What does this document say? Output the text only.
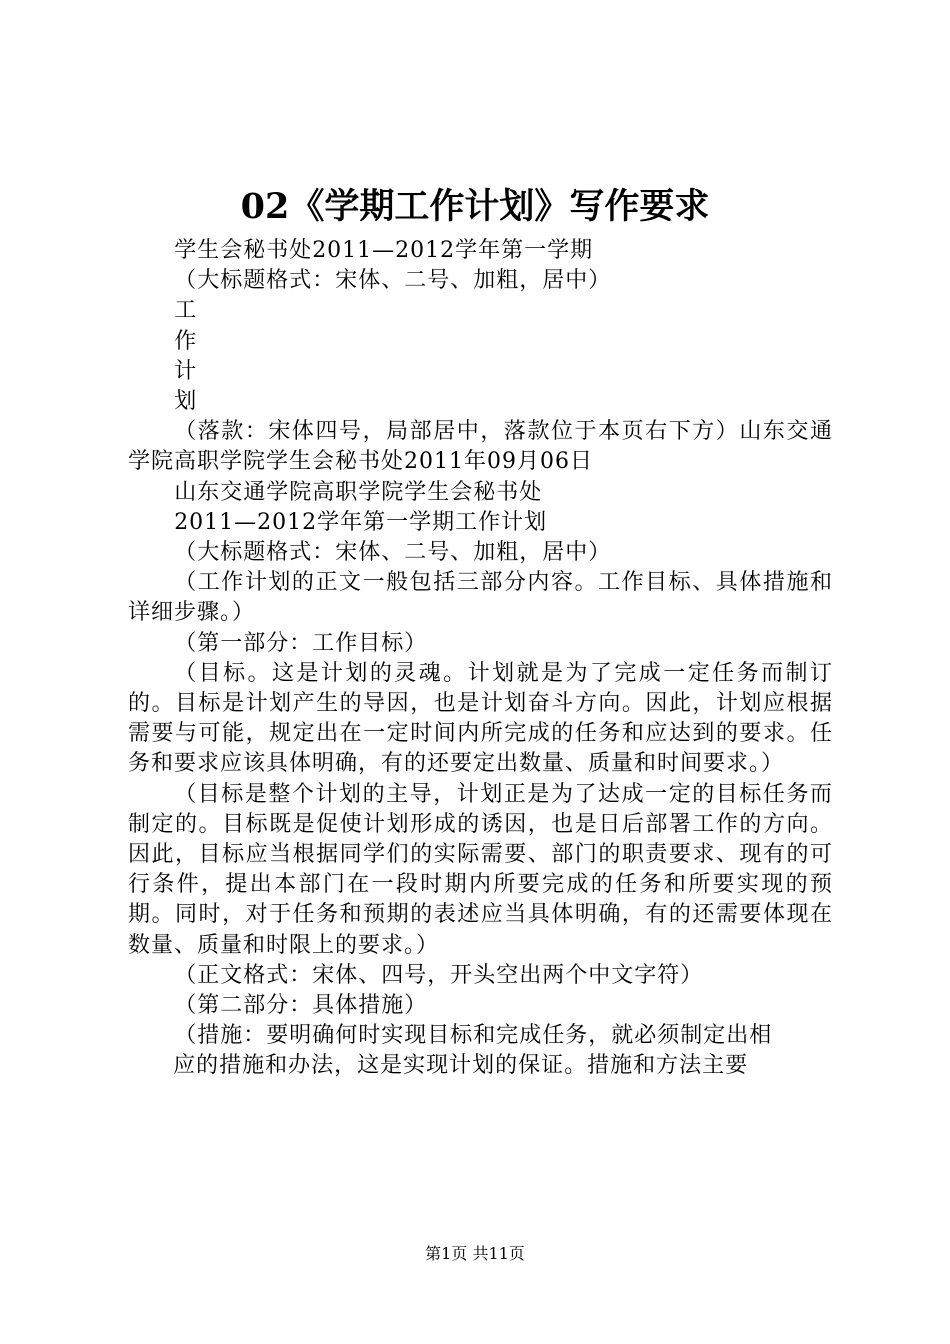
02《学期工作计划》写作要求

学生会秘书处2011—2012学年第一学期

（大标题格式：宋体、二号、加粗，居中）

工

作

计

划

（落款：宋体四号，局部居中，落款位于本页右下方）山东交通学院高职学院学生会秘书处2011年09月06日

山东交通学院高职学院学生会秘书处

2011—2012学年第一学期工作计划

（大标题格式：宋体、二号、加粗，居中）

（工作计划的正文一般包括三部分内容。工作目标、具体措施和详细步骤。）

（第一部分：工作目标）

（目标。这是计划的灵魂。计划就是为了完成一定任务而制订的。目标是计划产生的导因，也是计划奋斗方向。因此，计划应根据需要与可能，规定出在一定时间内所完成的任务和应达到的要求。任务和要求应该具体明确，有的还要定出数量、质量和时间要求。）

（目标是整个计划的主导，计划正是为了达成一定的目标任务而制定的。目标既是促使计划形成的诱因，也是日后部署工作的方向。因此，目标应当根据同学们的实际需要、部门的职责要求、现有的可行条件，提出本部门在一段时期内所要完成的任务和所要实现的预期。同时，对于任务和预期的表述应当具体明确，有的还需要体现在数量、质量和时限上的要求。）

（正文格式：宋体、四号，开头空出两个中文字符）

（第二部分：具体措施）

（措施：要明确何时实现目标和完成任务，就必须制定出相

应的措施和办法，这是实现计划的保证。措施和方法主要

第1页 共11页
